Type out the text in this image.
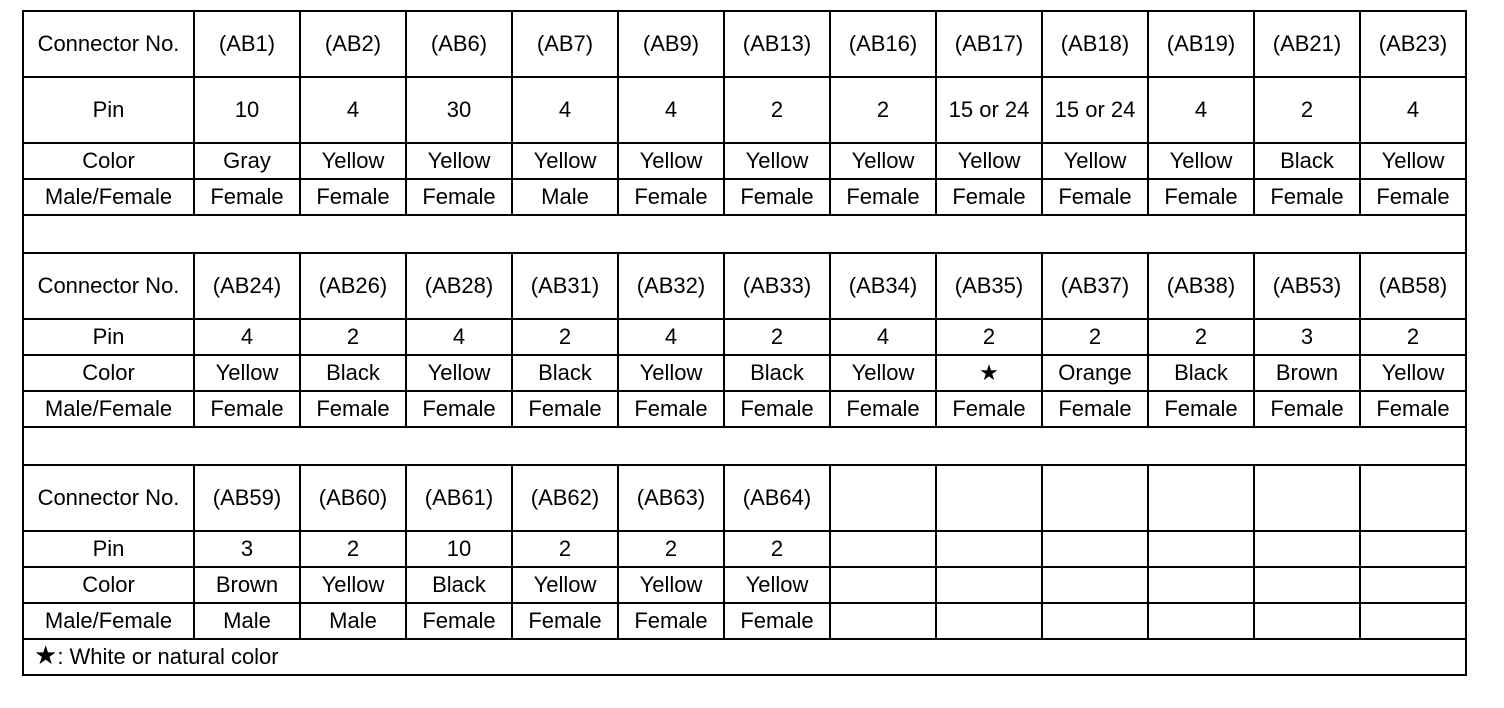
Connector No.	(AB1)	(AB2)	(AB6)	(AB7)	(AB9)	(AB13)	(AB16)	(AB17)	(AB18)	(AB19)	(AB21)	(AB23)
Pin	10	4	30	4	4	2	2	15 or 24	15 or 24	4	2	4
Color	Gray	Yellow	Yellow	Yellow	Yellow	Yellow	Yellow	Yellow	Yellow	Yellow	Black	Yellow
Male/Female	Female	Female	Female	Male	Female	Female	Female	Female	Female	Female	Female	Female

Connector No.	(AB24)	(AB26)	(AB28)	(AB31)	(AB32)	(AB33)	(AB34)	(AB35)	(AB37)	(AB38)	(AB53)	(AB58)
Pin	4	2	4	2	4	2	4	2	2	2	3	2
Color	Yellow	Black	Yellow	Black	Yellow	Black	Yellow	★	Orange	Black	Brown	Yellow
Male/Female	Female	Female	Female	Female	Female	Female	Female	Female	Female	Female	Female	Female

Connector No.	(AB59)	(AB60)	(AB61)	(AB62)	(AB63)	(AB64)						
Pin	3	2	10	2	2	2						
Color	Brown	Yellow	Black	Yellow	Yellow	Yellow						
Male/Female	Male	Male	Female	Female	Female	Female						
★: White or natural color												
